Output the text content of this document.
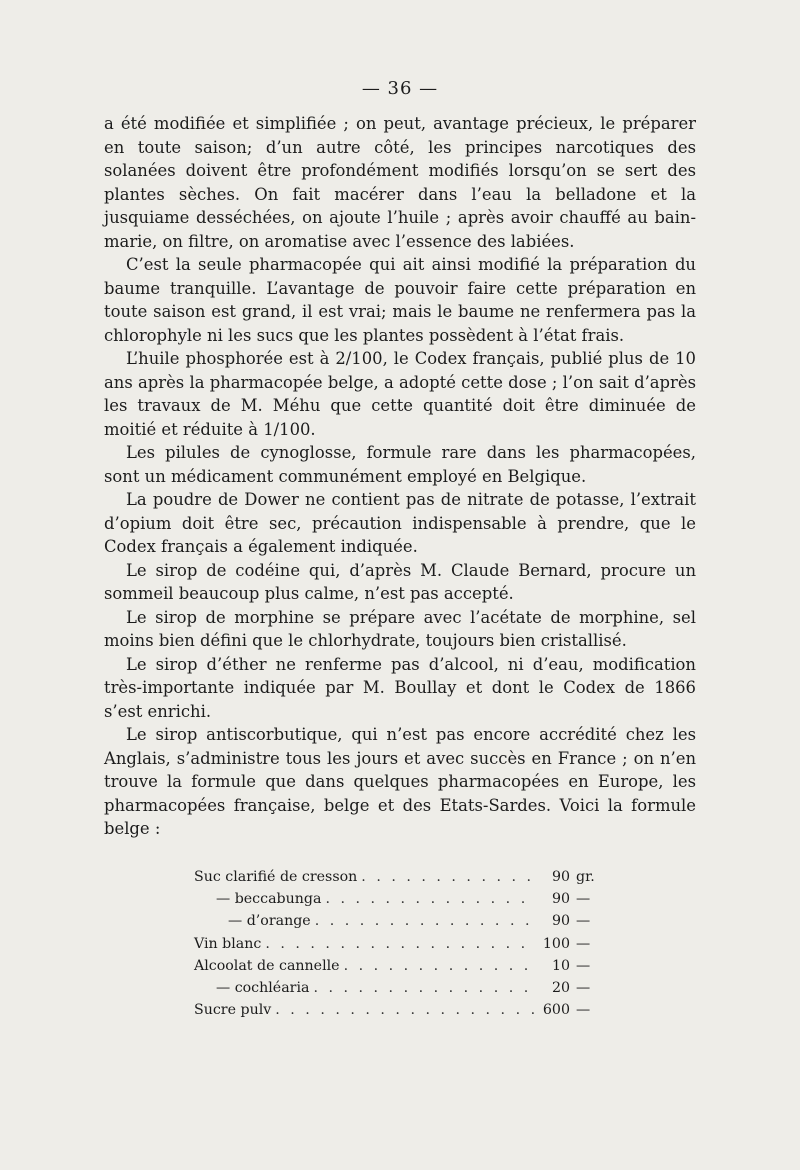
— 36 —

a été modifiée et simplifiée ; on peut, avantage précieux, le préparer en toute saison; d’un autre côté, les principes narcotiques des solanées doivent être profondément modifiés lorsqu’on se sert des plantes sèches. On fait macérer dans l’eau la belladone et la jusquiame desséchées, on ajoute l’huile ; après avoir chauffé au bain-marie, on filtre, on aromatise avec l’essence des labiées.

C’est la seule pharmacopée qui ait ainsi modifié la préparation du baume tranquille. L’avantage de pouvoir faire cette préparation en toute saison est grand, il est vrai; mais le baume ne renfermera pas la chlorophyle ni les sucs que les plantes possèdent à l’état frais.

L’huile phosphorée est à 2/100, le Codex français, publié plus de 10 ans après la pharmacopée belge, a adopté cette dose ; l’on sait d’après les travaux de M. Méhu que cette quantité doit être diminuée de moitié et réduite à 1/100.

Les pilules de cynoglosse, formule rare dans les pharmacopées, sont un médicament communément employé en Belgique.

La poudre de Dower ne contient pas de nitrate de potasse, l’extrait d’opium doit être sec, précaution indispensable à prendre, que le Codex français a également indiquée.

Le sirop de codéine qui, d’après M. Claude Bernard, procure un sommeil beaucoup plus calme, n’est pas accepté.

Le sirop de morphine se prépare avec l’acétate de morphine, sel moins bien défini que le chlorhydrate, toujours bien cristallisé.

Le sirop d’éther ne renferme pas d’alcool, ni d’eau, modification très-importante indiquée par M. Boullay et dont le Codex de 1866 s’est enrichi.

Le sirop antiscorbutique, qui n’est pas encore accrédité chez les Anglais, s’administre tous les jours et avec succès en France ; on n’en trouve la formule que dans quelques pharmacopées en Europe, les pharmacopées française, belge et des Etats-Sardes. Voici la formule belge :

Suc clarifié de cresson . . .	90 gr.
— beccabunga . . .	90 —
— d’orange . . .	90 —
Vin blanc . . .	100 —
Alcoolat de cannelle . . .	10 —
— cochléaria . . .	20 —
Sucre pulv . . .	600 —
